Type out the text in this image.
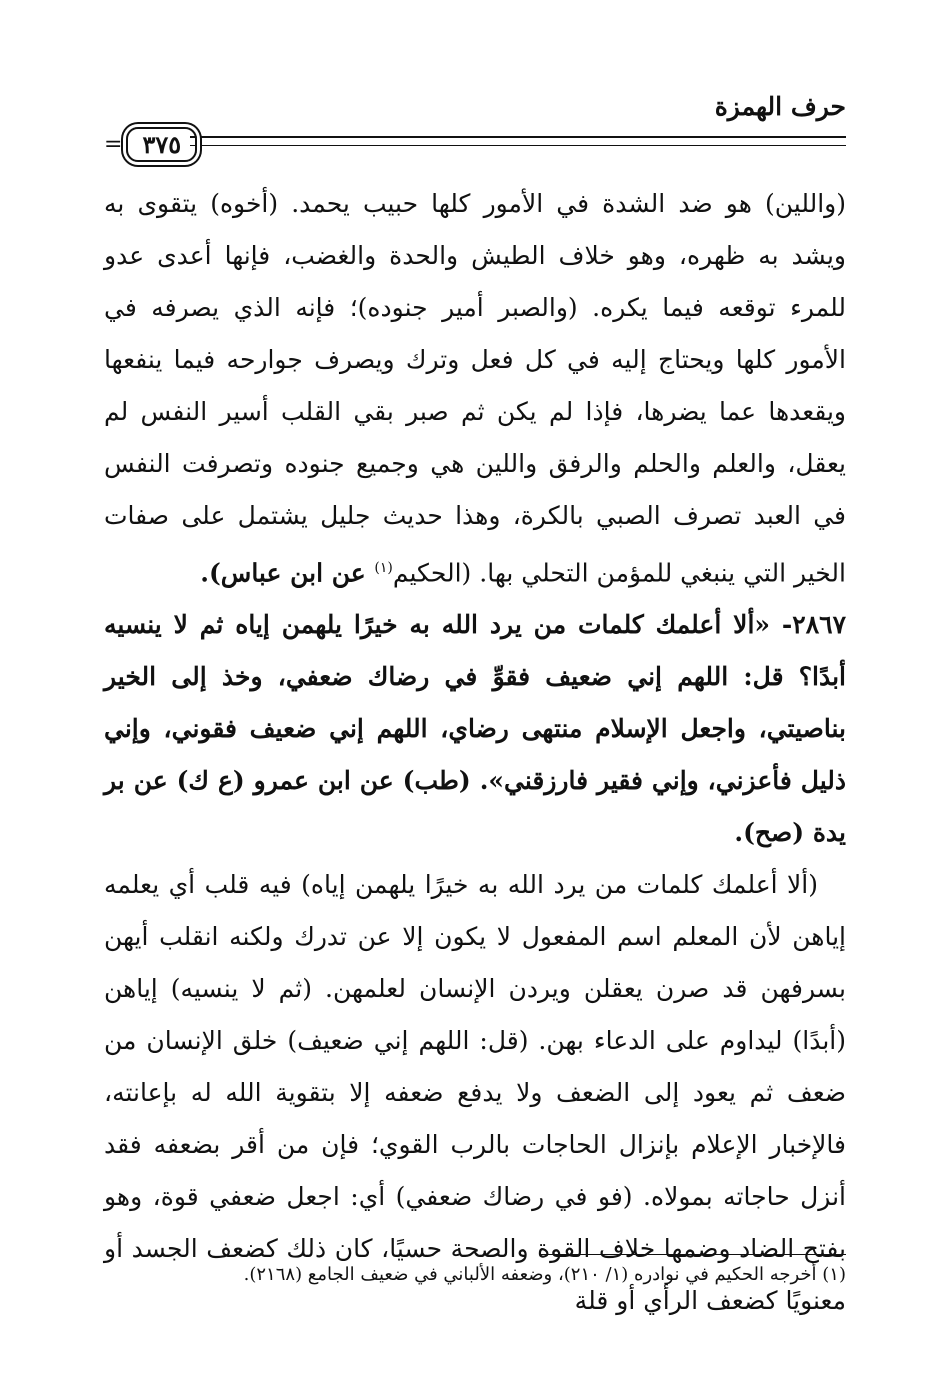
حرف الهمزة
= ٣٧٥

(واللين) هو ضد الشدة في الأمور كلها حبيب يحمد. (أخوه) يتقوى به ويشد به ظهره، وهو خلاف الطيش والحدة والغضب، فإنها أعدى عدو للمرء توقعه فيما يكره. (والصبر أمير جنوده)؛ فإنه الذي يصرفه في الأمور كلها ويحتاج إليه في كل فعل وترك ويصرف جوارحه فيما ينفعها ويقعدها عما يضرها، فإذا لم يكن ثم صبر بقي القلب أسير النفس لم يعقل، والعلم والحلم والرفق واللين هي وجميع جنوده وتصرفت النفس في العبد تصرف الصبي بالكرة، وهذا حديث جليل يشتمل على صفات الخير التي ينبغي للمؤمن التحلي بها. (الحكيم$^{(١)}$ عن ابن عباس).

٢٨٦٧- «ألا أعلمك كلمات من يرد الله به خيرًا يلهمن إياه ثم لا ينسيه أبدًا؟ قل: اللهم إني ضعيف فقوِّ في رضاك ضعفي، وخذ إلى الخير بناصيتي، واجعل الإسلام منتهى رضاي، اللهم إني ضعيف فقوني، وإني ذليل فأعزني، وإني فقير فارزقني». (طب) عن ابن عمرو (ع ك) عن بر يدة (صح).

(ألا أعلمك كلمات من يرد الله به خيرًا يلهمن إياه) فيه قلب أي يعلمه إياهن لأن المعلم اسم المفعول لا يكون إلا عن تدرك ولكنه انقلب أيهن بسرفهن قد صرن يعقلن ويردن الإنسان لعلمهن. (ثم لا ينسيه) إياهن (أبدًا) ليداوم على الدعاء بهن. (قل: اللهم إني ضعيف) خلق الإنسان من ضعف ثم يعود إلى الضعف ولا يدفع ضعفه إلا بتقوية الله له بإعانته، فالإخبار الإعلام بإنزال الحاجات بالرب القوي؛ فإن من أقر بضعفه فقد أنزل حاجاته بمولاه. (فو في رضاك ضعفي) أي: اجعل ضعفي قوة، وهو بفتح الضاد وضمها خلاف القوة والصحة حسيًا، كان ذلك كضعف الجسد أو معنويًا كضعف الرأي أو قلة

(١) أخرجه الحكيم في نوادره (١/ ٢١٠)، وضعفه الألباني في ضعيف الجامع (٢١٦٨).
